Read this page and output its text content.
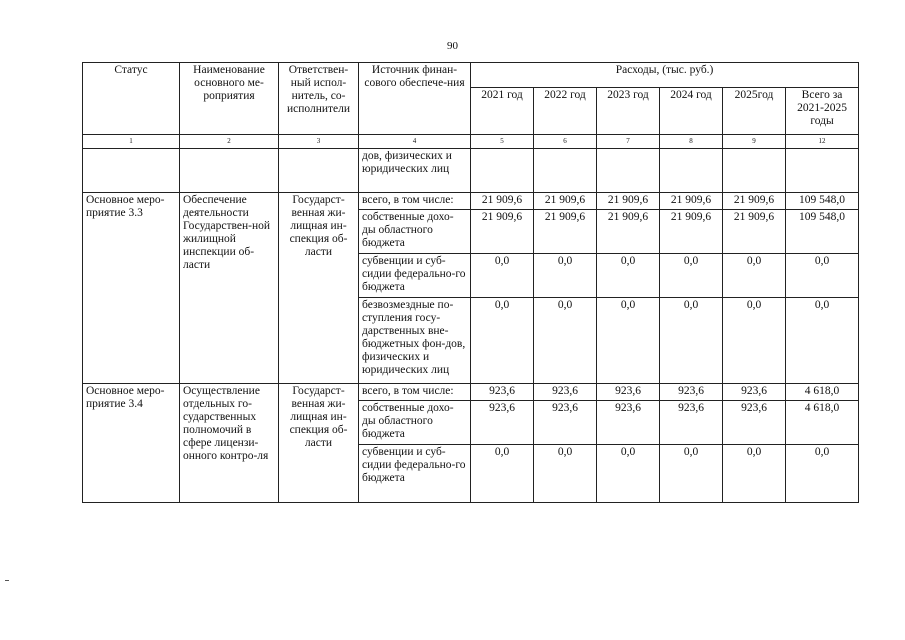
90
Статус	Наименование основного ме-роприятия	Ответствен-ный испол-нитель, со-исполнители	Источник финан-сового обеспече-ния	Расходы, (тыс. руб.)					
				2021 год	2022 год	2023 год	2024 год	2025год	Всего за 2021-2025 годы
1	2	3	4	5	6	7	8	9	12
			дов, физических и юридических лиц						
Основное меро-приятие 3.3	Обеспечение деятельности Государствен-ной жилищной инспекции об-ласти	Государст-венная жи-лищная ин-спекция об-ласти	всего, в том числе:	21 909,6	21 909,6	21 909,6	21 909,6	21 909,6	109 548,0
			собственные дохо-ды областного бюджета	21 909,6	21 909,6	21 909,6	21 909,6	21 909,6	109 548,0
			субвенции и суб-сидии федерально-го бюджета	0,0	0,0	0,0	0,0	0,0	0,0
			безвозмездные по-ступления госу-дарственных вне-бюджетных фон-дов, физических и юридических лиц	0,0	0,0	0,0	0,0	0,0	0,0
Основное меро-приятие 3.4	Осуществление отдельных го-сударственных полномочий в сфере лицензи-онного контро-ля	Государст-венная жи-лищная ин-спекция об-ласти	всего, в том числе:	923,6	923,6	923,6	923,6	923,6	4 618,0
			собственные дохо-ды областного бюджета	923,6	923,6	923,6	923,6	923,6	4 618,0
			субвенции и суб-сидии федерально-го бюджета	0,0	0,0	0,0	0,0	0,0	0,0
